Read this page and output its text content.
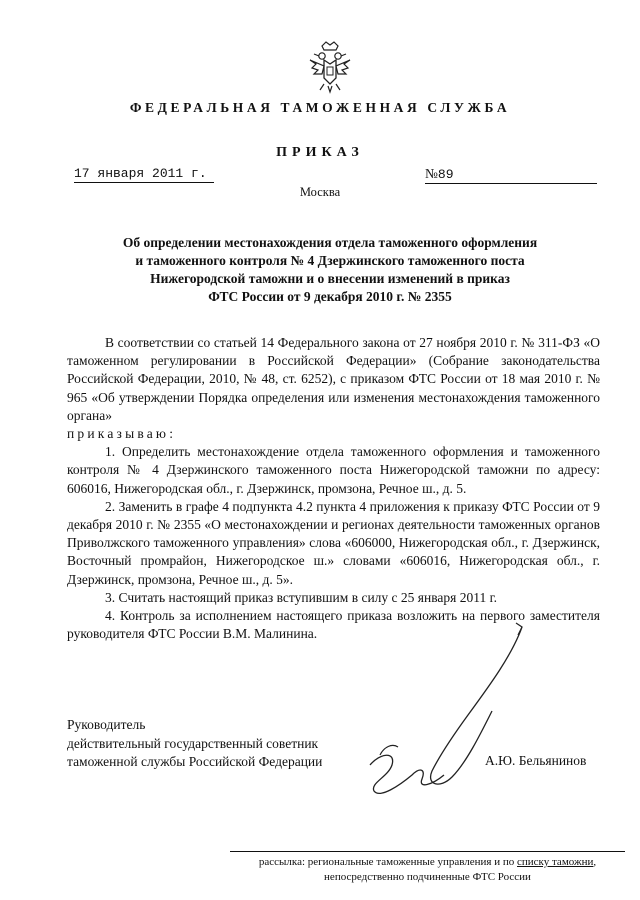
ФЕДЕРАЛЬНАЯ ТАМОЖЕННАЯ СЛУЖБА
ПРИКАЗ
17 января 2011 г.	№89
Москва
Об определении местонахождения отдела таможенного оформления
и таможенного контроля № 4 Дзержинского таможенного поста
Нижегородской таможни и о внесении изменений в приказ
ФТС России от 9 декабря 2010 г. № 2355

В соответствии со статьей 14 Федерального закона от 27 ноября 2010 г. № 311-ФЗ «О таможенном регулировании в Российской Федерации» (Собрание законодательства Российской Федерации, 2010, № 48, ст. 6252), с приказом ФТС России от 18 мая 2010 г. № 965 «Об утверждении Порядка определения или изменения местонахождения таможенного органа»

приказываю:

1. Определить местонахождение отдела таможенного оформления и таможенного контроля № 4 Дзержинского таможенного поста Нижегородской таможни по адресу: 606016, Нижегородская обл., г. Дзержинск, промзона, Речное ш., д. 5.

2. Заменить в графе 4 подпункта 4.2 пункта 4 приложения к приказу ФТС России от 9 декабря 2010 г. № 2355 «О местонахождении и регионах деятельности таможенных органов Приволжского таможенного управления» слова «606000, Нижегородская обл., г. Дзержинск, Восточный промрайон, Нижегородское ш.» словами «606016, Нижегородская обл., г. Дзержинск, промзона, Речное ш., д. 5».

3. Считать настоящий приказ вступившим в силу с 25 января 2011 г.

4. Контроль за исполнением настоящего приказа возложить на первого заместителя руководителя ФТС России В.М. Малинина.

Руководитель
действительный государственный советник
таможенной службы Российской Федерации	А.Ю. Бельянинов
рассылка: региональные таможенные управления и по списку таможни,
непосредственно подчиненные ФТС России
